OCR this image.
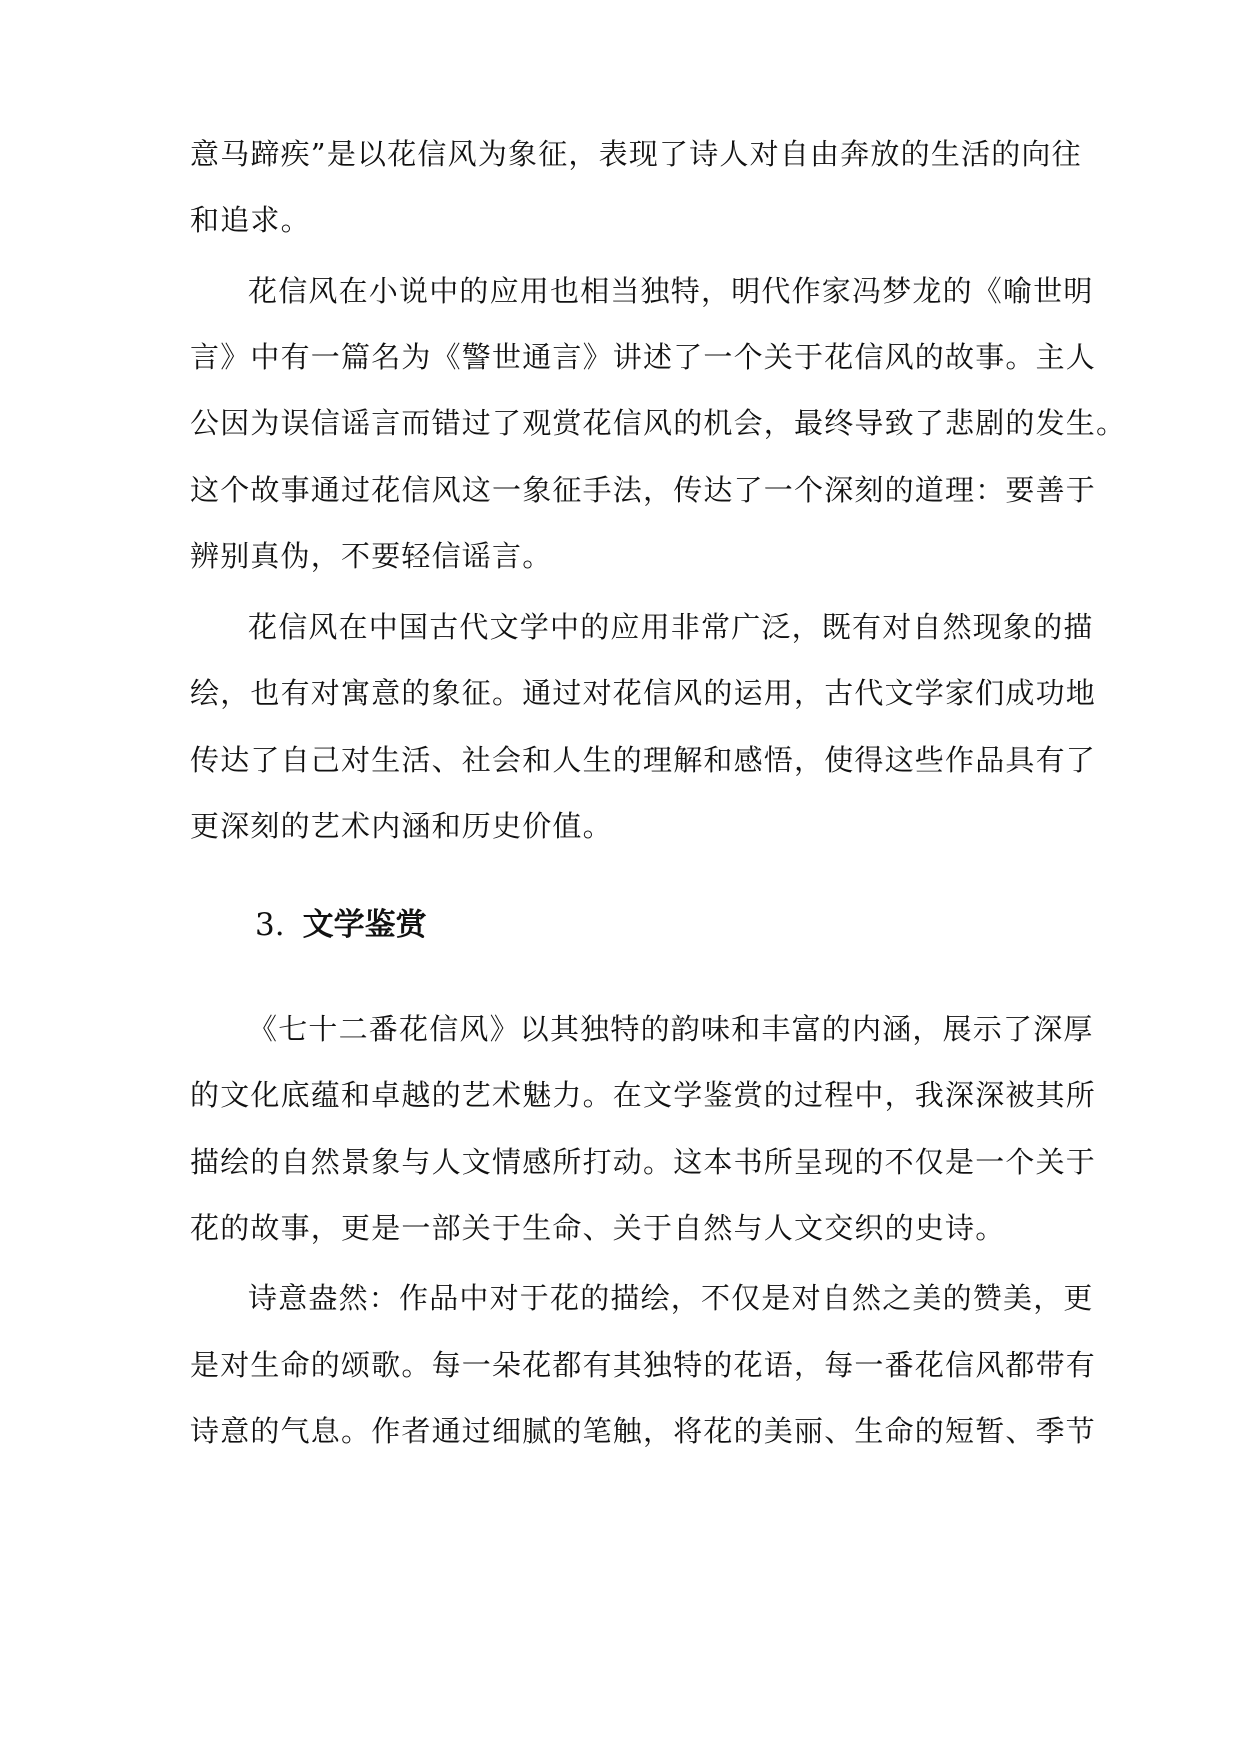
意马蹄疾”是以花信风为象征，表现了诗人对自由奔放的生活的向往
和追求。
花信风在小说中的应用也相当独特，明代作家冯梦龙的《喻世明
言》中有一篇名为《警世通言》讲述了一个关于花信风的故事。主人
公因为误信谣言而错过了观赏花信风的机会，最终导致了悲剧的发生。
这个故事通过花信风这一象征手法，传达了一个深刻的道理：要善于
辨别真伪，不要轻信谣言。
花信风在中国古代文学中的应用非常广泛，既有对自然现象的描
绘，也有对寓意的象征。通过对花信风的运用，古代文学家们成功地
传达了自己对生活、社会和人生的理解和感悟，使得这些作品具有了
更深刻的艺术内涵和历史价值。
3. 文学鉴赏
《七十二番花信风》以其独特的韵味和丰富的内涵，展示了深厚
的文化底蕴和卓越的艺术魅力。在文学鉴赏的过程中，我深深被其所
描绘的自然景象与人文情感所打动。这本书所呈现的不仅是一个关于
花的故事，更是一部关于生命、关于自然与人文交织的史诗。
诗意盎然：作品中对于花的描绘，不仅是对自然之美的赞美，更
是对生命的颂歌。每一朵花都有其独特的花语，每一番花信风都带有
诗意的气息。作者通过细腻的笔触，将花的美丽、生命的短暂、季节
